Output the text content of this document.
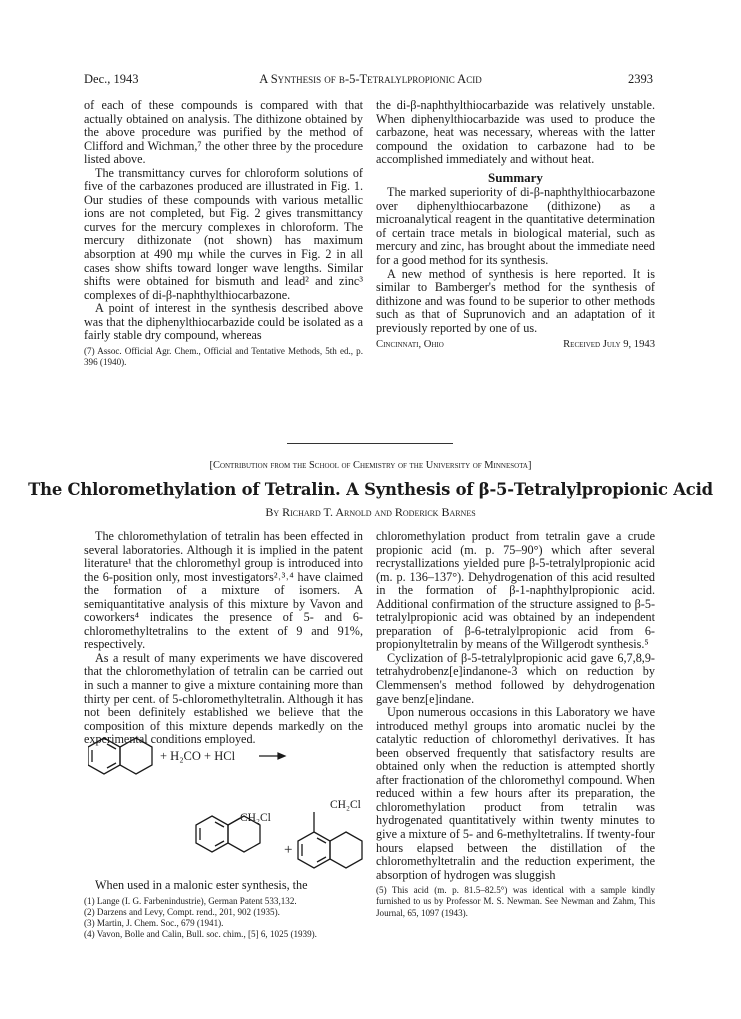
Dec., 1943	A Synthesis of β-5-Tetralylpropionic Acid	2393

of each of these compounds is compared with that actually obtained on analysis. The dithizone obtained by the above procedure was purified by the method of Clifford and Wichman,⁷ the other three by the procedure listed above.

The transmittancy curves for chloroform solutions of five of the carbazones produced are illustrated in Fig. 1. Our studies of these compounds with various metallic ions are not completed, but Fig. 2 gives transmittancy curves for the mercury complexes in chloroform. The mercury dithizonate (not shown) has maximum absorption at 490 mμ while the curves in Fig. 2 in all cases show shifts toward longer wave lengths. Similar shifts were obtained for bismuth and lead² and zinc³ complexes of di-β-naphthylthiocarbazone.

A point of interest in the synthesis described above was that the diphenylthiocarbazide could be isolated as a fairly stable dry compound, whereas

(7) Assoc. Official Agr. Chem., Official and Tentative Methods, 5th ed., p. 396 (1940).

the di-β-naphthylthiocarbazide was relatively unstable. When diphenylthiocarbazide was used to produce the carbazone, heat was necessary, whereas with the latter compound the oxidation to carbazone had to be accomplished immediately and without heat.

Summary

The marked superiority of di-β-naphthylthiocarbazone over diphenylthiocarbazone (dithizone) as a microanalytical reagent in the quantitative determination of certain trace metals in biological material, such as mercury and zinc, has brought about the immediate need for a good method for its synthesis.

A new method of synthesis is here reported. It is similar to Bamberger's method for the synthesis of dithizone and was found to be superior to other methods such as that of Suprunovich and an adaptation of it previously reported by one of us.

Cincinnati, Ohio	Received July 9, 1943
[Contribution from the School of Chemistry of the University of Minnesota]
The Chloromethylation of Tetralin. A Synthesis of β-5-Tetralylpropionic Acid
By Richard T. Arnold and Roderick Barnes

The chloromethylation of tetralin has been effected in several laboratories. Although it is implied in the patent literature¹ that the chloromethyl group is introduced into the 6-position only, most investigators²˒³˒⁴ have claimed the formation of a mixture of isomers. A semiquantitative analysis of this mixture by Vavon and coworkers⁴ indicates the presence of 5- and 6-chloromethyltetralins to the extent of 9 and 91%, respectively.

As a result of many experiments we have discovered that the chloromethylation of tetralin can be carried out in such a manner to give a mixture containing more than thirty per cent. of 5-chloromethyltetralin. Although it has not been definitely established we believe that the composition of this mixture depends markedly on the experimental conditions employed.

+ H₂CO + HCl
CH₂Cl
+
CH₂Cl

When used in a malonic ester synthesis, the

(1) Lange (I. G. Farbenindustrie), German Patent 533,132.

(2) Darzens and Levy, Compt. rend., 201, 902 (1935).

(3) Martin, J. Chem. Soc., 679 (1941).

(4) Vavon, Bolle and Calin, Bull. soc. chim., [5] 6, 1025 (1939).

chloromethylation product from tetralin gave a crude propionic acid (m. p. 75–90°) which after several recrystallizations yielded pure β-5-tetralylpropionic acid (m. p. 136–137°). Dehydrogenation of this acid resulted in the formation of β-1-naphthylpropionic acid. Additional confirmation of the structure assigned to β-5-tetralylpropionic acid was obtained by an independent preparation of β-6-tetralylpropionic acid from 6-propionyltetralin by means of the Willgerodt synthesis.⁵

Cyclization of β-5-tetralylpropionic acid gave 6,7,8,9-tetrahydrobenz[e]indanone-3 which on reduction by Clemmensen's method followed by dehydrogenation gave benz[e]indane.

Upon numerous occasions in this Laboratory we have introduced methyl groups into aromatic nuclei by the catalytic reduction of chloromethyl derivatives. It has been observed frequently that satisfactory results are obtained only when the reduction is attempted shortly after fractionation of the chloromethyl compound. When reduced within a few hours after its preparation, the chloromethylation product from tetralin was hydrogenated quantitatively within twenty minutes to give a mixture of 5- and 6-methyltetralins. If twenty-four hours elapsed between the distillation of the chloromethyltetralin and the reduction experiment, the absorption of hydrogen was sluggish

(5) This acid (m. p. 81.5–82.5°) was identical with a sample kindly furnished to us by Professor M. S. Newman. See Newman and Zahm, This Journal, 65, 1097 (1943).
